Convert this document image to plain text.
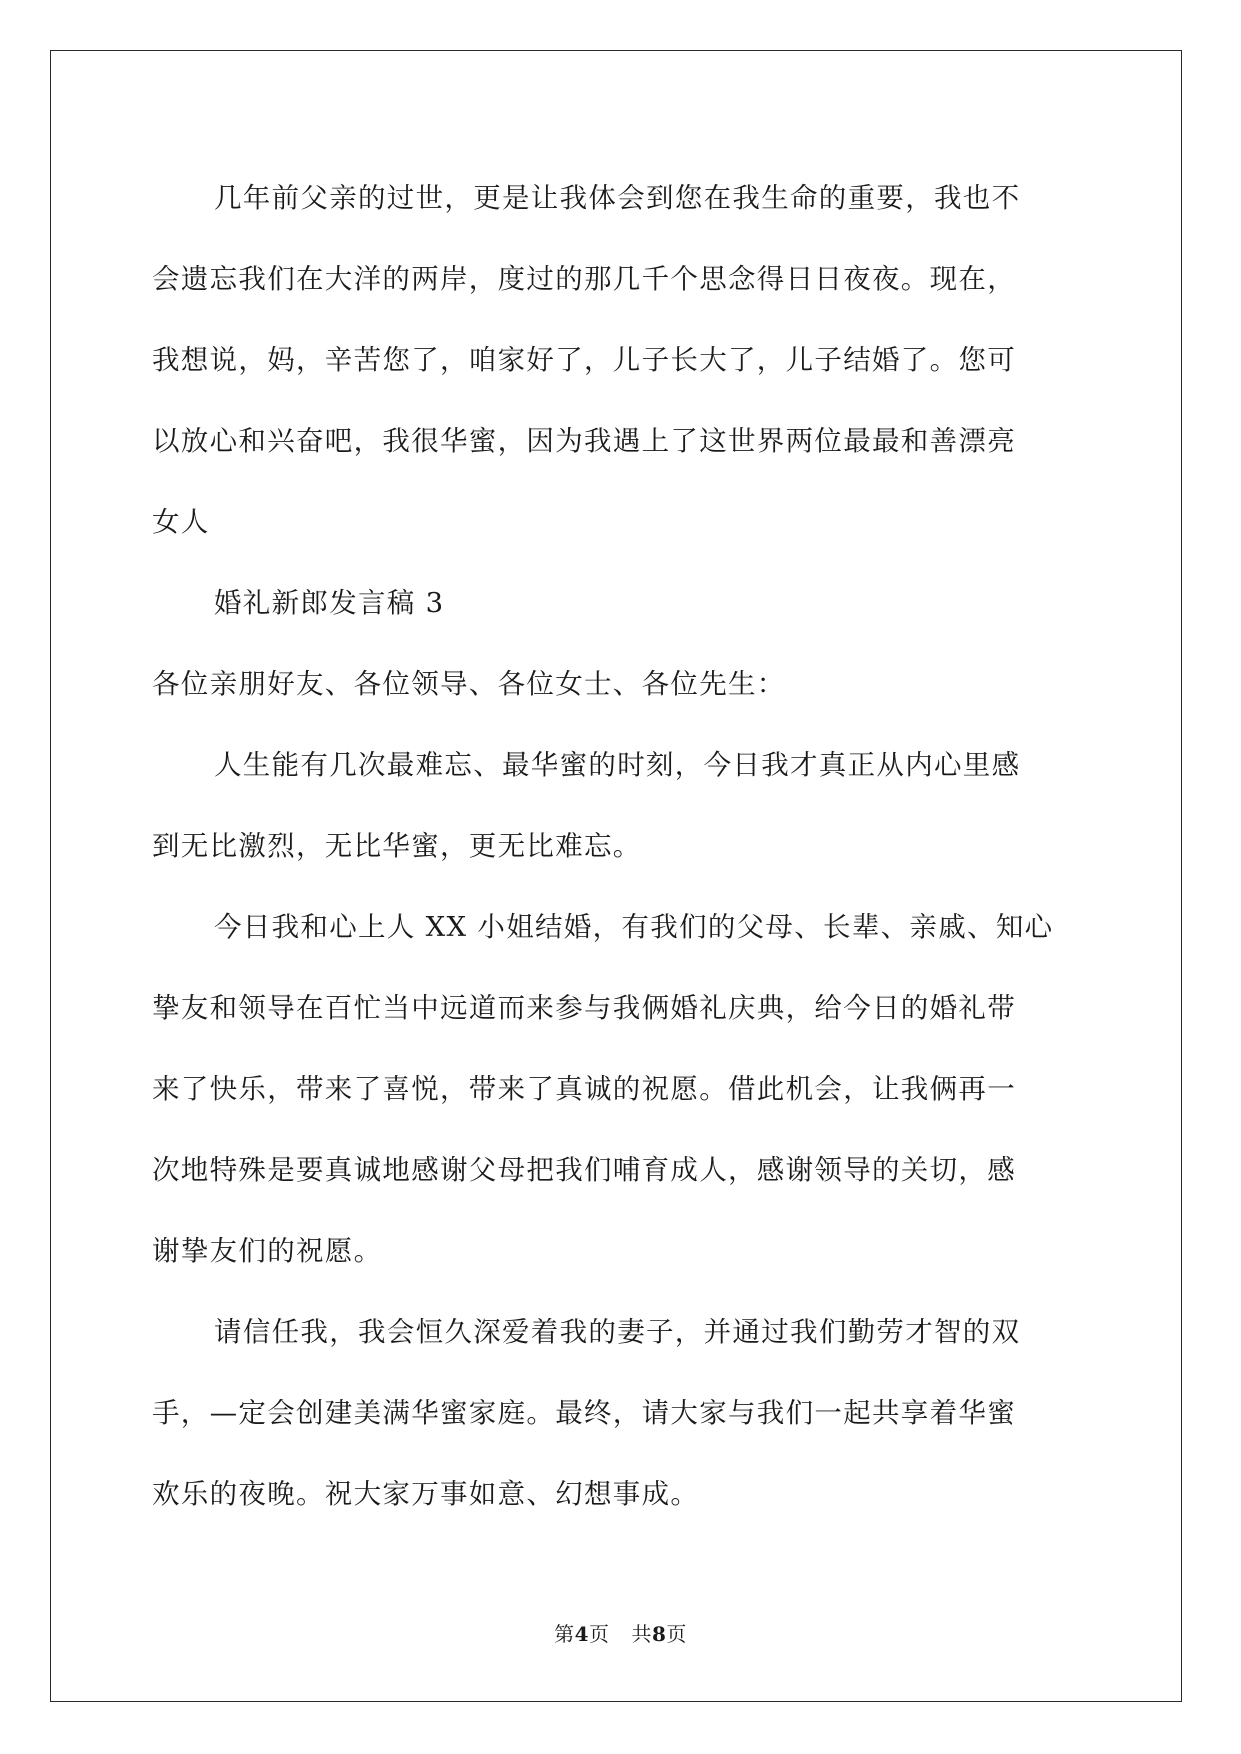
几年前父亲的过世，更是让我体会到您在我生命的重要，我也不
会遗忘我们在大洋的两岸，度过的那几千个思念得日日夜夜。现在，
我想说，妈，辛苦您了，咱家好了，儿子长大了，儿子结婚了。您可
以放心和兴奋吧，我很华蜜，因为我遇上了这世界两位最最和善漂亮
女人
婚礼新郎发言稿 3
各位亲朋好友、各位领导、各位女士、各位先生：
人生能有几次最难忘、最华蜜的时刻，今日我才真正从内心里感
到无比激烈，无比华蜜，更无比难忘。
今日我和心上人 XX 小姐结婚，有我们的父母、长辈、亲戚、知心
挚友和领导在百忙当中远道而来参与我俩婚礼庆典，给今日的婚礼带
来了快乐，带来了喜悦，带来了真诚的祝愿。借此机会，让我俩再一
次地特殊是要真诚地感谢父母把我们哺育成人，感谢领导的关切，感
谢挚友们的祝愿。
请信任我，我会恒久深爱着我的妻子，并通过我们勤劳才智的双
手，—定会创建美满华蜜家庭。最终，请大家与我们一起共享着华蜜
欢乐的夜晚。祝大家万事如意、幻想事成。
第4页 共8页
